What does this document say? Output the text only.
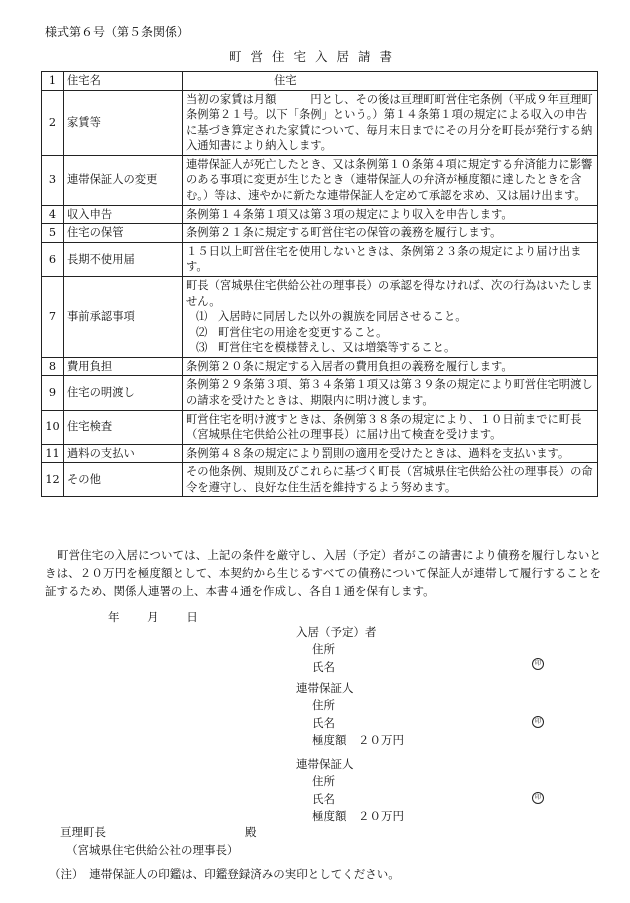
様式第６号（第５条関係）
町営住宅入居請書
1	住宅名	住宅
2	家賃等	当初の家賃は月額　　　円とし、その後は亘理町町営住宅条例（平成９年亘理町条例第２１号。以下「条例」という。）第１４条第１項の規定による収入の申告に基づき算定された家賃について、毎月末日までにその月分を町長が発行する納入通知書により納入します。
3	連帯保証人の変更	連帯保証人が死亡したとき、又は条例第１０条第４項に規定する弁済能力に影響のある事項に変更が生じたとき（連帯保証人の弁済が極度額に達したときを含む。）等は、速やかに新たな連帯保証人を定めて承認を求め、又は届け出ます。
4	収入申告	条例第１４条第１項又は第３項の規定により収入を申告します。
5	住宅の保管	条例第２１条に規定する町営住宅の保管の義務を履行します。
6	長期不使用届	１５日以上町営住宅を使用しないときは、条例第２３条の規定により届け出ます。
7	事前承認事項	町長（宮城県住宅供給公社の理事長）の承認を得なければ、次の行為はいたしません。
⑴ 入居時に同居した以外の親族を同居させること。
⑵ 町営住宅の用途を変更すること。
⑶ 町営住宅を模様替えし、又は増築等すること。

8	費用負担	条例第２０条に規定する入居者の費用負担の義務を履行します。
9	住宅の明渡し	条例第２９条第３項、第３４条第１項又は第３９条の規定により町営住宅明渡しの請求を受けたときは、期限内に明け渡します。
10	住宅検査	町営住宅を明け渡すときは、条例第３８条の規定により、１０日前までに町長（宮城県住宅供給公社の理事長）に届け出て検査を受けます。
11	過料の支払い	条例第４８条の規定により罰則の適用を受けたときは、過料を支払います。
12	その他	その他条例、規則及びこれらに基づく町長（宮城県住宅供給公社の理事長）の命令を遵守し、良好な住生活を維持するよう努めます。
町営住宅の入居については、上記の条件を厳守し、入居（予定）者がこの請書により債務を履行しないときは、２０万円を極度額として、本契約から生じるすべての債務について保証人が連帯して履行することを証するため、関係人連署の上、本書４通を作成し、各自１通を保有します。
年 月 日
入居（予定）者
住所
氏名	印
連帯保証人
住所
氏名
極度額　２０万円
印
連帯保証人
住所
氏名
極度額　２０万円
印
亘理町長	殿
（宮城県住宅供給公社の理事長）
（注）　連帯保証人の印鑑は、印鑑登録済みの実印としてください。
